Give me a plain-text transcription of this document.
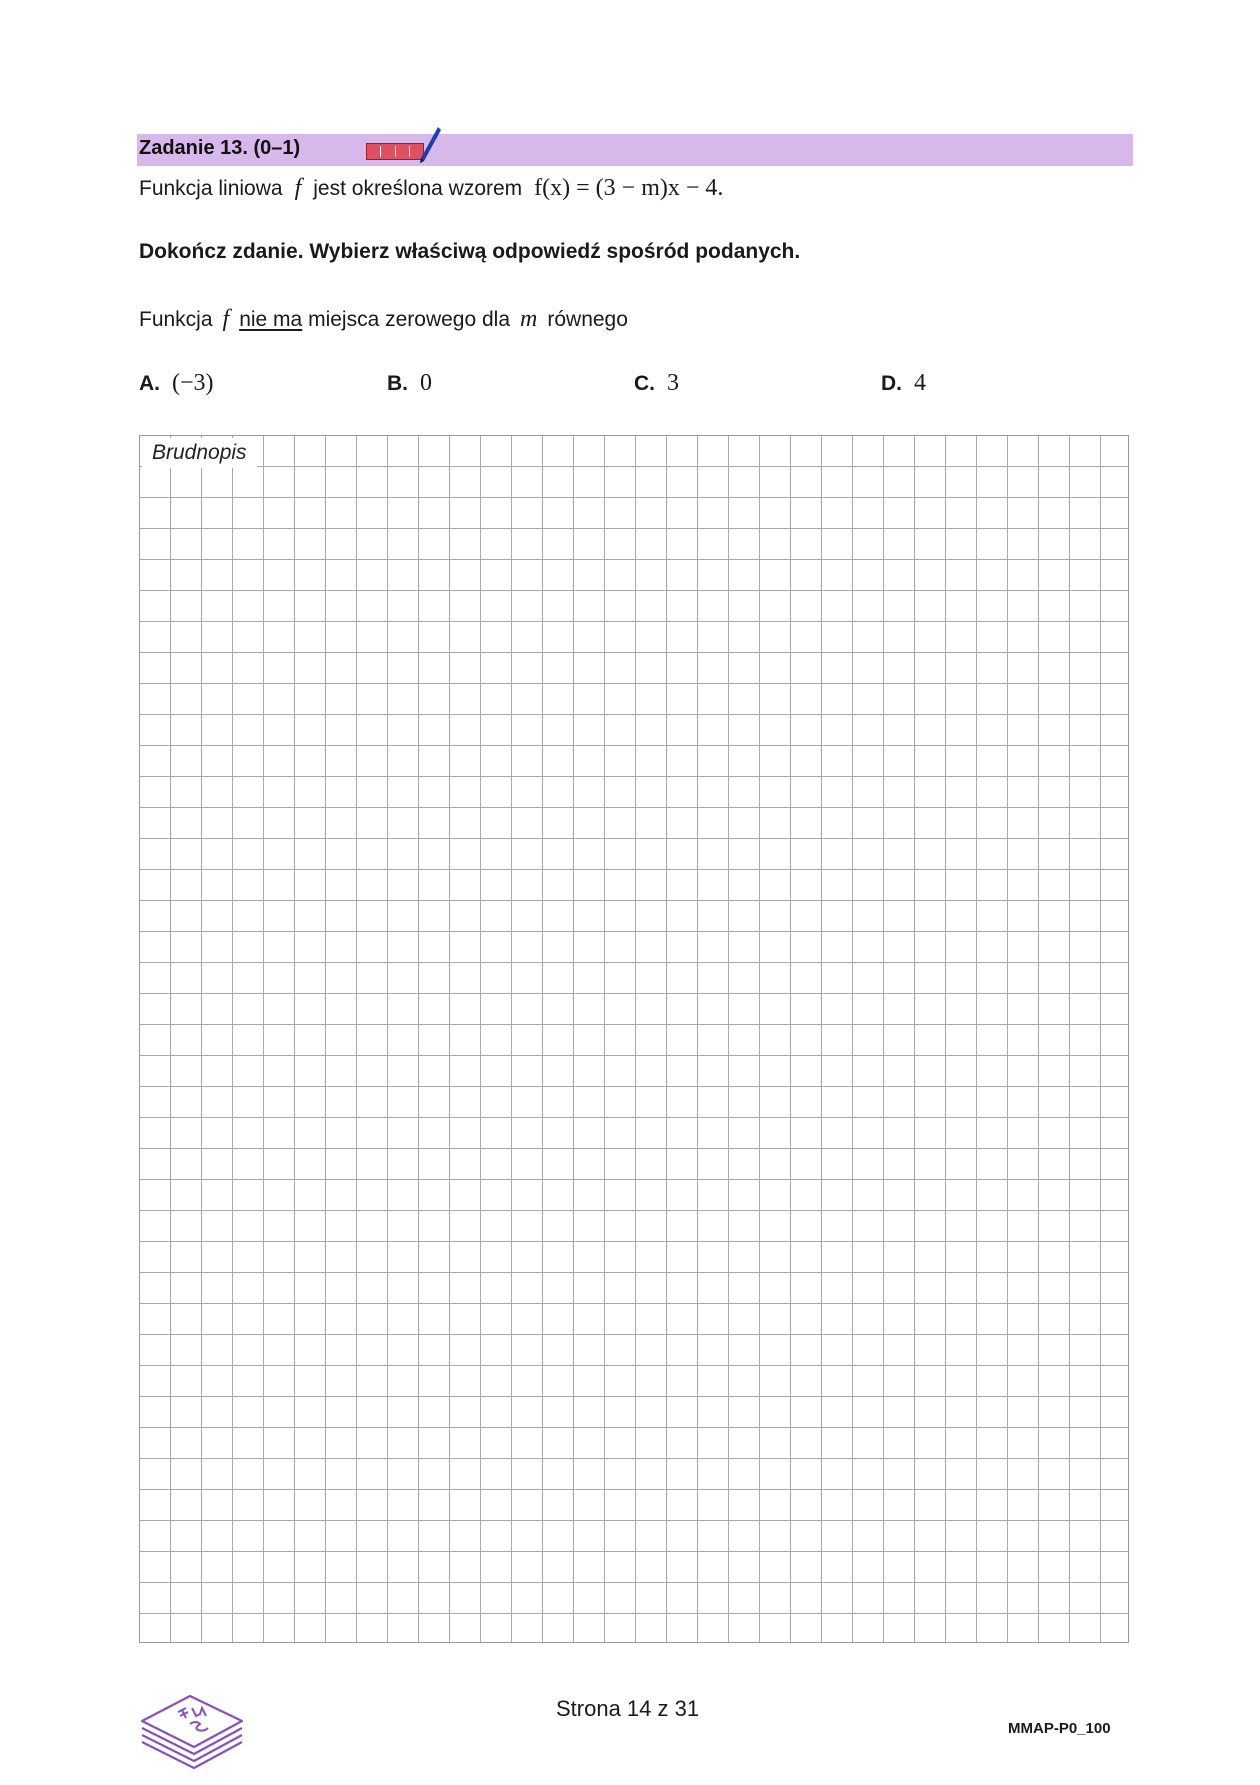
Zadanie 13. (0–1)
Funkcja liniowa f jest określona wzorem f(x) = (3 − m)x − 4.
Dokończ zdanie. Wybierz właściwą odpowiedź spośród podanych.
Funkcja f nie ma miejsca zerowego dla m równego
A. (−3)	B. 0	C. 3	D. 4
Brudnopis
Strona 14 z 31
MMAP-P0_100
